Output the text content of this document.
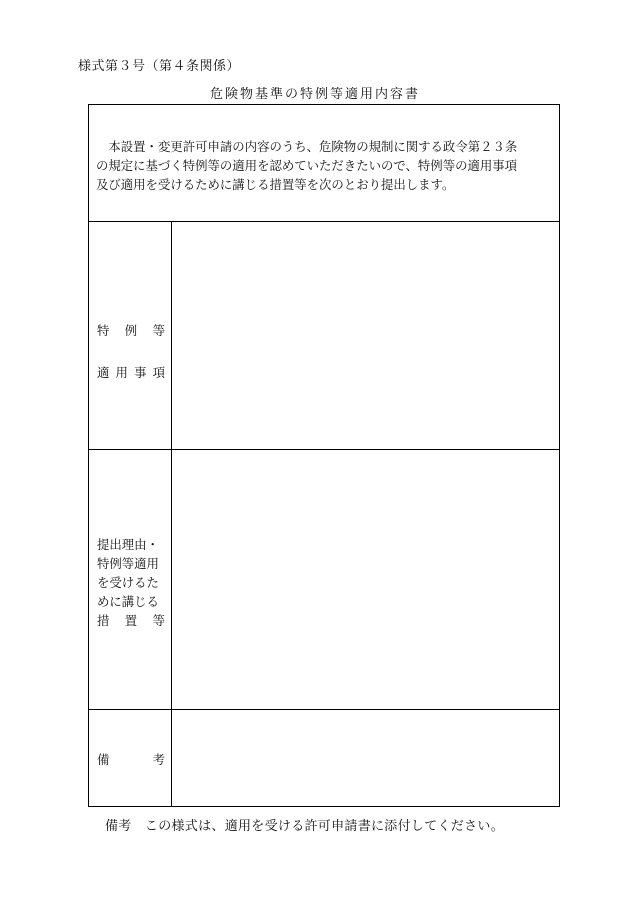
様式第３号（第４条関係）
危険物基準の特例等適用内容書
　本設置・変更許可申請の内容のうち、危険物の規制に関する政令第２３条
の規定に基づく特例等の適用を認めていただきたいので、特例等の適用事項
及び適用を受けるために講じる措置等を次のとおり提出します。
特例等
適用事項
提出理由・
特例等適用
を受けるた
めに講じる
措置等
備考
備考　この様式は、適用を受ける許可申請書に添付してください。
